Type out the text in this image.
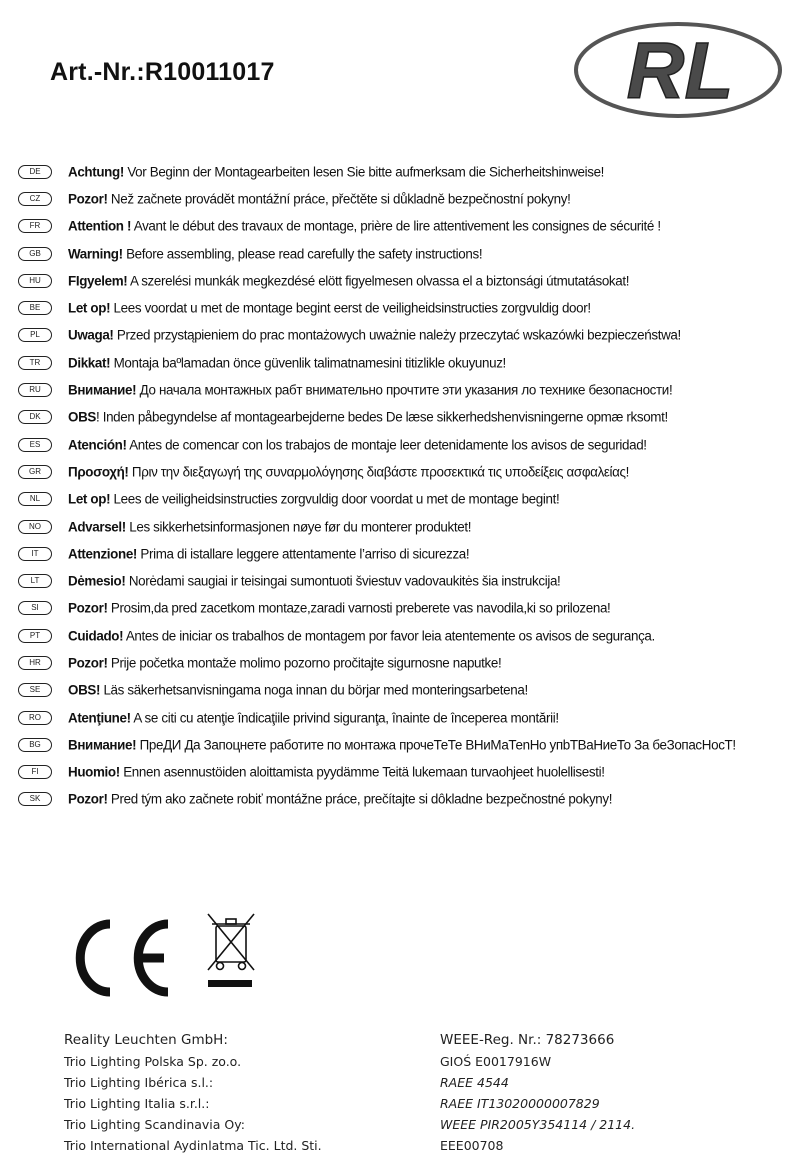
Art.-Nr.:R10011017	RL
DE	Achtung! Vor Beginn der Montagearbeiten lesen Sie bitte aufmerksam die Sicherheitshinweise!
CZ	Pozor! Než začnete provádět montážní práce, přečtěte si důkladně bezpečnostní pokyny!
FR	Attention ! Avant le début des travaux de montage, prière de lire attentivement les consignes de sécurité !
GB	Warning! Before assembling, please read carefully the safety instructions!
HU	FIgyelem! A szerelési munkák megkezdésé elött figyelmesen olvassa el a biztonsági útmutatásokat!
BE	Let op! Lees voordat u met de montage begint eerst de veiligheidsinstructies zorgvuldig door!
PL	Uwaga! Przed przystąpieniem do prac montażowych uważnie należy przeczytać wskazówki bezpieczeństwa!
TR	Dikkat! Montaja baºlamadan önce güvenlik talimatnamesini titizlikle okuyunuz!
RU	Внимание! До начала монтажных рабт внимательно прочтите эти указания ло технике безопасности!
DK	OBS! Inden påbegyndelse af montagearbejderne bedes De læse sikkerhedshenvisningerne opmæ rksomt!
ES	Atención! Antes de comencar con los trabajos de montaje leer detenidamente los avisos de seguridad!
GR	Προσοχή! Πριν την διεξαγωγή της συναρμολόγησης διαβάστε προσεκτικά τις υποδείξεις ασφαλείας!
NL	Let op! Lees de veiligheidsinstructies zorgvuldig door voordat u met de montage begint!
NO	Advarsel! Les sikkerhetsinformasjonen nøye før du monterer produktet!
IT	Attenzione! Prima di istallare leggere attentamente l’arriso di sicurezza!
LT	Dėmesio! Norėdami saugiai ir teisingai sumontuoti šviestuv vadovaukitės šia instrukcija!
SI	Pozor! Prosim,da pred zacetkom montaze,zaradi varnosti preberete vas navodila,ki so prilozena!
PT	Cuidado! Antes de iniciar os trabalhos de montagem por favor leia atentemente os avisos de segurança.
HR	Pozor! Prije početka montaže molimo pozorno pročitajte sigurnosne naputke!
SE	OBS! Läs säkerhetsanvisningama noga innan du börjar med monteringsarbetena!
RO	Atenţiune! A se citi cu atenţie îndicaţiile privind siguranţa, înainte de începerea montării!
BG	Внимание! ПреДИ Да Запоцнете работите по монтажа прочеТеТе ВНиМаТеnНо упbТВаНиеТо За беЗопасНосТ!
FI	Huomio! Ennen asennustöiden aloittamista pyydämme Teitä lukemaan turvaohjeet huolellisesti!
SK	Pozor! Pred tým ako začnete robiť montážne práce, prečítajte si dôkladne bezpečnostné pokyny!
Reality Leuchten GmbH:	WEEE-Reg. Nr.: 78273666
Trio Lighting Polska Sp. zo.o.	GIOŚ E0017916W
Trio Lighting Ibérica s.l.:	RAEE 4544
Trio Lighting Italia s.r.l.:	RAEE IT13020000007829
Trio Lighting Scandinavia Oy:	WEEE PIR2005Y354114 / 2114.
Trio International Aydinlatma Tic. Ltd. Sti.	EEE00708
